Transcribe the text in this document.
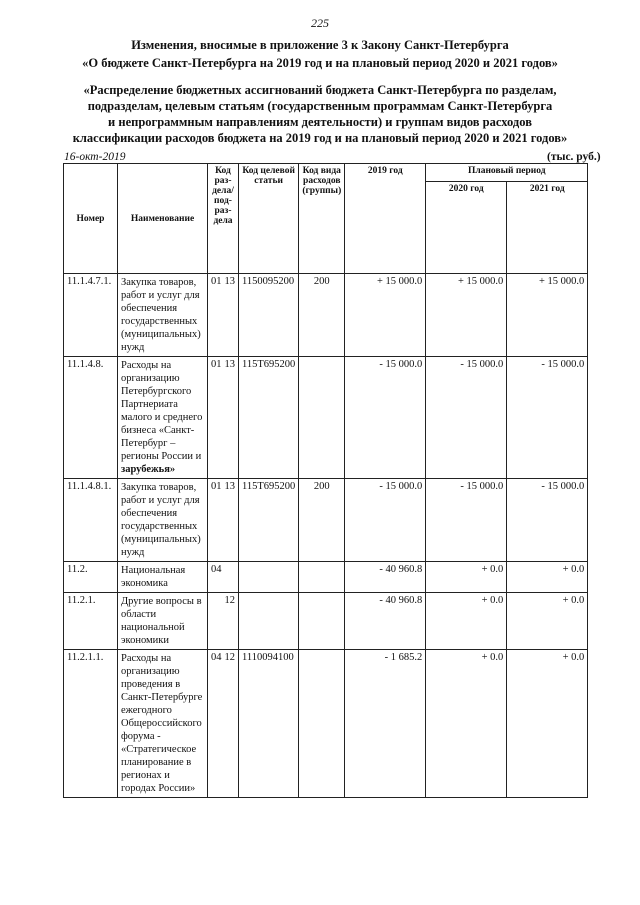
225
Изменения, вносимые в приложение 3 к Закону Санкт-Петербурга
«О бюджете Санкт-Петербурга на 2019 год и на плановый период 2020 и 2021 годов»
«Распределение бюджетных ассигнований бюджета Санкт-Петербурга по разделам,
подразделам, целевым статьям (государственным программам Санкт-Петербурга
и непрограммным направлениям деятельности) и группам видов расходов
классификации расходов бюджета на 2019 год и на плановый период 2020 и 2021 годов»
16-окт-2019	(тыс. руб.)
Номер	Наименование	Код раз-дела/ под-раз-дела	Код целевой статьи	Код вида расходов (группы)	2019 год	Плановый период	
						2020 год	2021 год
11.1.4.7.1.	Закупка товаров, работ и услуг для обеспечения государственных (муниципальных) нужд	01 13	1150095200	200	+ 15 000.0	+ 15 000.0	+ 15 000.0
11.1.4.8.	Расходы на организацию Петербургского Партнериата малого и среднего бизнеса «Санкт-Петербург – регионы России и зарубежья»	01 13	115Т695200		- 15 000.0	- 15 000.0	- 15 000.0
11.1.4.8.1.	Закупка товаров, работ и услуг для обеспечения государственных (муниципальных) нужд	01 13	115Т695200	200	- 15 000.0	- 15 000.0	- 15 000.0
11.2.	Национальная экономика	04			- 40 960.8	+ 0.0	+ 0.0
11.2.1.	Другие вопросы в области национальной экономики	12			- 40 960.8	+ 0.0	+ 0.0
11.2.1.1.	Расходы на организацию проведения в Санкт-Петербурге ежегодного Общероссийского форума - «Стратегическое планирование в регионах и городах России»	04 12	1110094100		- 1 685.2	+ 0.0	+ 0.0
